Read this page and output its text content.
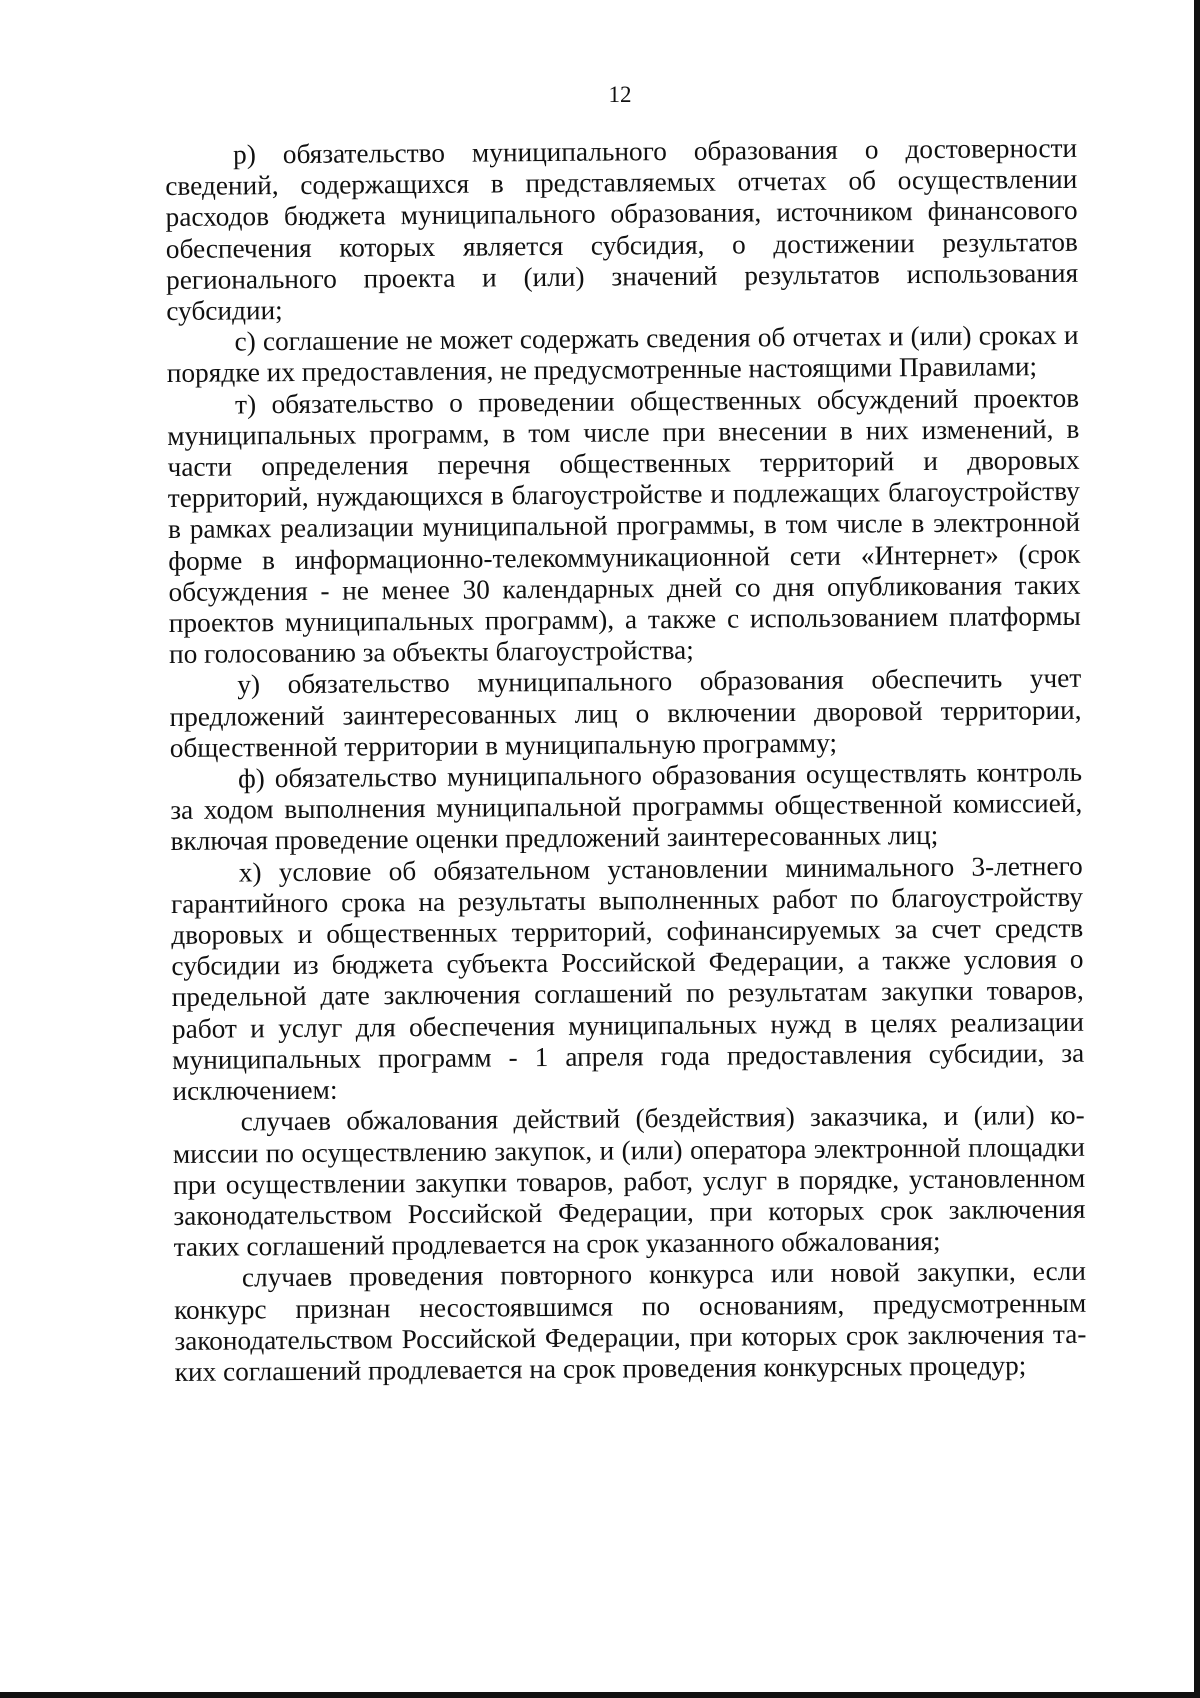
12

р) обязательство муниципального образования о достоверности сведений, содержащихся в представляемых отчетах об осуществлении расходов бюджета муниципального образования, источником финансового обеспечения которых является субсидия, о достижении результатов регионального проекта и (или) значений результатов использования субсидии;

с) соглашение не может содержать сведения об отчетах и (или) сроках и порядке их предоставления, не предусмотренные настоящими Правилами;

т) обязательство о проведении общественных обсуждений проектов муниципальных программ, в том числе при внесении в них изменений, в части определения перечня общественных территорий и дворовых территорий, нуждающихся в благоустройстве и подлежащих благоустройству в рамках реализации муниципальной программы, в том числе в электронной форме в информационно-телекоммуникационной сети «Интернет» (срок обсуждения - не менее 30 календарных дней со дня опубликования таких проектов муниципальных программ), а также с использованием платформы по голосованию за объекты благоустройства;

у) обязательство муниципального образования обеспечить учет предложений заинтересованных лиц о включении дворовой территории, общественной территории в муниципальную программу;

ф) обязательство муниципального образования осуществлять контроль за ходом выполнения муниципальной программы общественной комиссией, включая проведение оценки предложений заинтересованных лиц;

х) условие об обязательном установлении минимального 3-летнего гарантийного срока на результаты выполненных работ по благоустройству дворовых и общественных территорий, софинансируемых за счет средств субсидии из бюджета субъекта Российской Федерации, а также условия о предельной дате заключения соглашений по результатам закупки товаров, работ и услуг для обеспечения муниципальных нужд в целях реализации муниципальных программ - 1 апреля года предоставления субсидии, за исключением:

случаев обжалования действий (бездействия) заказчика, и (или) ко-миссии по осуществлению закупок, и (или) оператора электронной площадки при осуществлении закупки товаров, работ, услуг в порядке, установленном законодательством Российской Федерации, при которых срок заключения таких соглашений продлевается на срок указанного обжалования;

случаев проведения повторного конкурса или новой закупки, если конкурс признан несостоявшимся по основаниям, предусмотренным законодательством Российской Федерации, при которых срок заключения та-ких соглашений продлевается на срок проведения конкурсных процедур;
